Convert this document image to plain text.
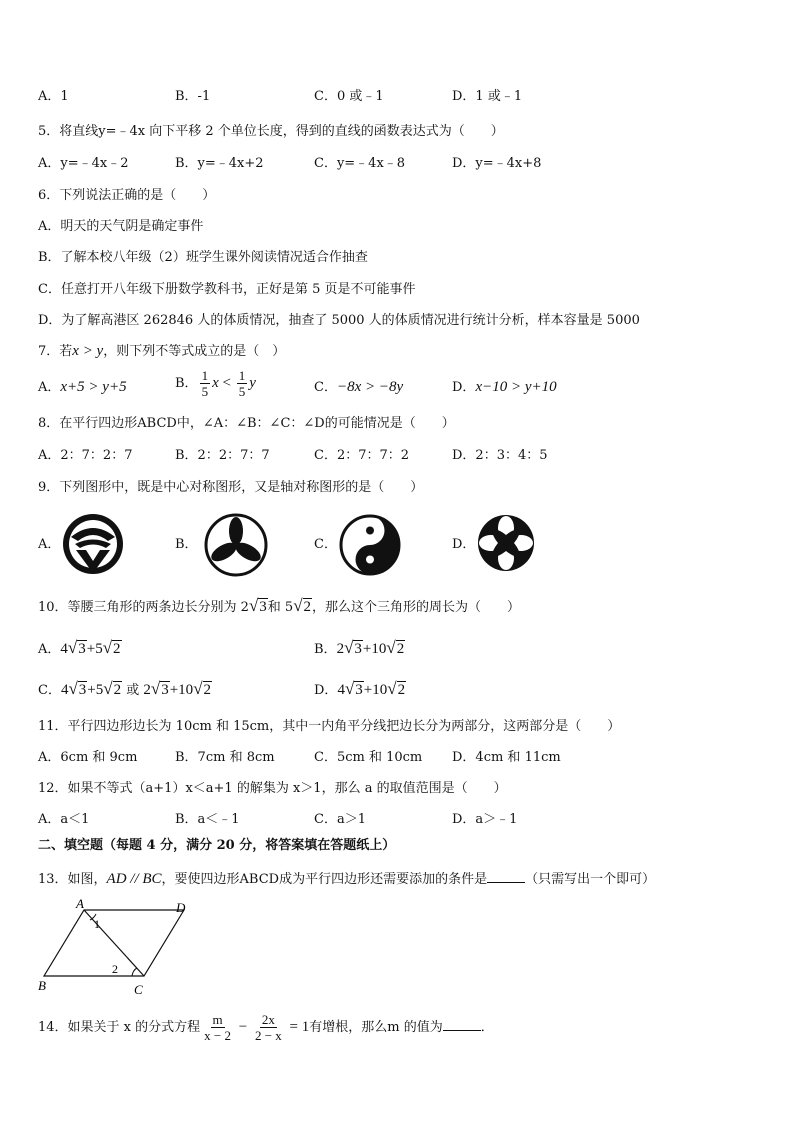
A．1	B．-1	C．0 或﹣1	D．1 或﹣1
5．将直线y=﹣4x 向下平移 2 个单位长度，得到的直线的函数表达式为（　　）
A．y=﹣4x﹣2	B．y=﹣4x+2	C．y=﹣4x﹣8	D．y=﹣4x+8
6．下列说法正确的是（　　）
A．明天的天气阴是确定事件
B．了解本校八年级（2）班学生课外阅读情况适合作抽查
C．任意打开八年级下册数学教科书，正好是第 5 页是不可能事件
D．为了解高港区 262846 人的体质情况，抽查了 5000 人的体质情况进行统计分析，样本容量是 5000
7．若x > y，则下列不等式成立的是（　）
A．x+5 > y+5	B． $\frac{1}{5}$ $x < \frac{1}{5}$ y	C．−8x > −8y	D．x−10 > y+10
8．在平行四边形ABCD中，∠A：∠B：∠C：∠D的可能情况是（　　）
A．2：7：2：7	B．2：2：7：7	C．2：7：7：2	D．2：3：4：5
9．下列图形中，既是中心对称图形，又是轴对称图形的是（　　）
A．	B．	C．	D．
10．等腰三角形的两条边长分别为 2 √ 3 和 5 √ 2 ，那么这个三角形的周长为（　　）
A．4 √ 3 +5 √ 2	B．2 √ 3 +10 √ 2
C．4 √ 3 +5 √ 2 或 2 √ 3 +10 √ 2	D．4 √ 3 +10 √ 2
11．平行四边形边长为 10cm 和 15cm，其中一内角平分线把边长分为两部分，这两部分是（　　）
A．6cm 和 9cm	B．7cm 和 8cm	C．5cm 和 10cm D．4cm 和 11cm
12．如果不等式（a+1）x＜a+1 的解集为 x＞1，那么 a 的取值范围是（　　）
A．a＜1	B．a＜﹣1	C．a＞1	D．a＞﹣1
二、填空题（每题 4 分，满分 20 分，将答案填在答题纸上）
13．如图，AD // BC，要使四边形ABCD成为平行四边形还需要添加的条件是	（只需写出一个即可）
A	D
B	C
1
2
14．如果关于 x 的分式方程 $\frac{m}{x - 2} - \frac{2x}{2 - x} = 1$有增根，那么m 的值为	．
